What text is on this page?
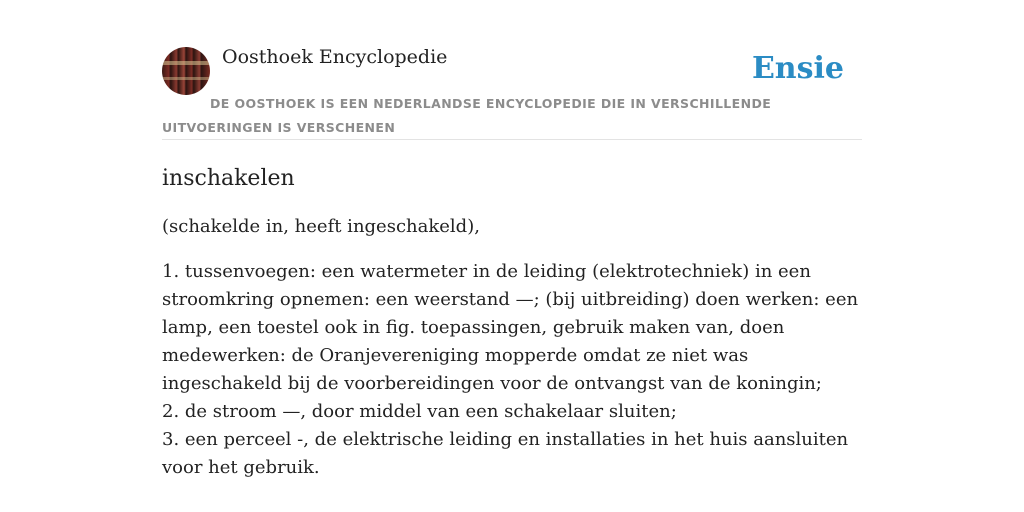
Oosthoek Encyclopedie	Ensie
DE OOSTHOEK IS EEN NEDERLANDSE ENCYCLOPEDIE DIE IN VERSCHILLENDE UITVOERINGEN IS VERSCHENEN
inschakelen

(schakelde in, heeft ingeschakeld),

1. tussenvoegen: een watermeter in de leiding (elektrotechniek) in een stroomkring opnemen: een weerstand —; (bij uitbreiding) doen werken: een lamp, een toestel ook in fig. toepassingen, gebruik maken van, doen medewerken: de Oranjevereniging mopperde omdat ze niet was ingeschakeld bij de voorbereidingen voor de ontvangst van de koningin;

2. de stroom —, door middel van een schakelaar sluiten;

3. een perceel -, de elektrische leiding en installaties in het huis aansluiten voor het gebruik.
